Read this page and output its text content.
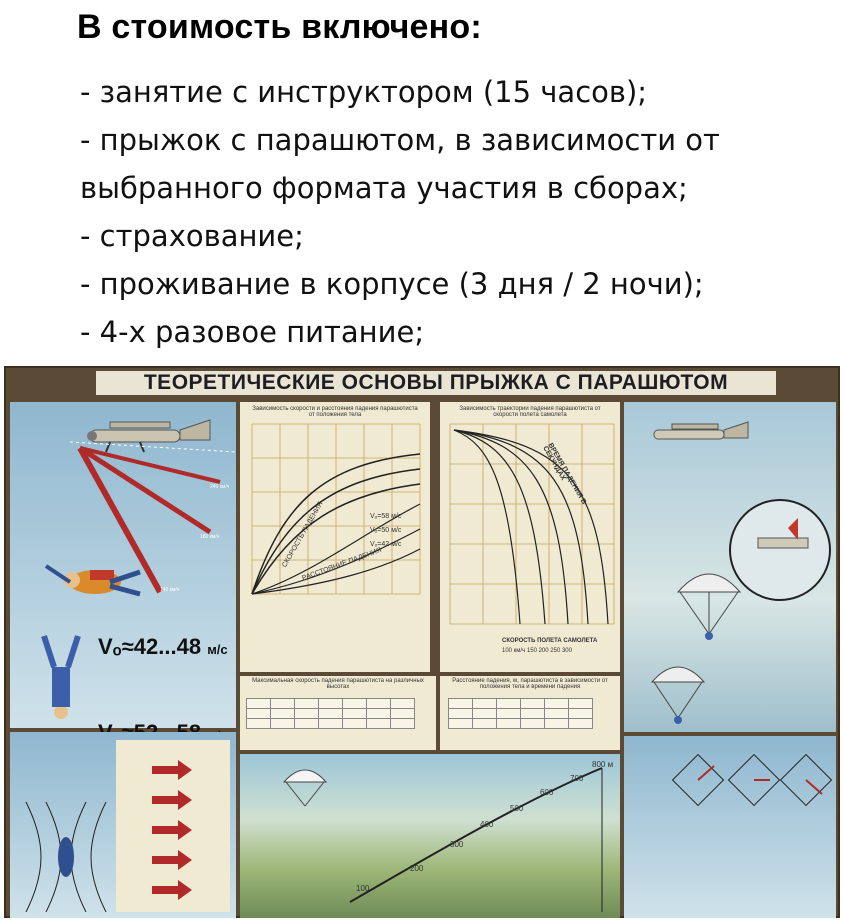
В стоимость включено:
- занятие с инструктором (15 часов);
- прыжок с парашютом, в зависимости от
выбранного формата участия в сборах;
- страхование;
- проживание в корпусе (3 дня / 2 ночи);
- 4-х разовое питание;
ТЕОРЕТИЧЕСКИЕ ОСНОВЫ ПРЫЖКА С ПАРАШЮТОМ
240 км/ч
180 км/ч
140 км/ч
Vₒ≈42...48 м/с
Зависимость скорости и расстояния падения парашютиста от положения тела
Vₒ=58 м/с
Vₒ=50 м/с
Vₒ=42 м/с
СКОРОСТЬ ПАДЕНИЯ
РАССТОЯНИЕ ПАДЕНИЯ
Зависимость траектории падения парашютиста от скорости полета самолета
ВРЕМЯ ПАДЕНИЯ В СЕКУНДАХ
СКОРОСТЬ ПОЛЕТА САМОЛЕТА
100 км/ч 150 200 250 300
Максимальная скорость падения парашютиста на различных высотах

Расстояние падения, м, парашютиста в зависимости от положения тела и времени падения

100
200
300
400
500
600
700
800 м
